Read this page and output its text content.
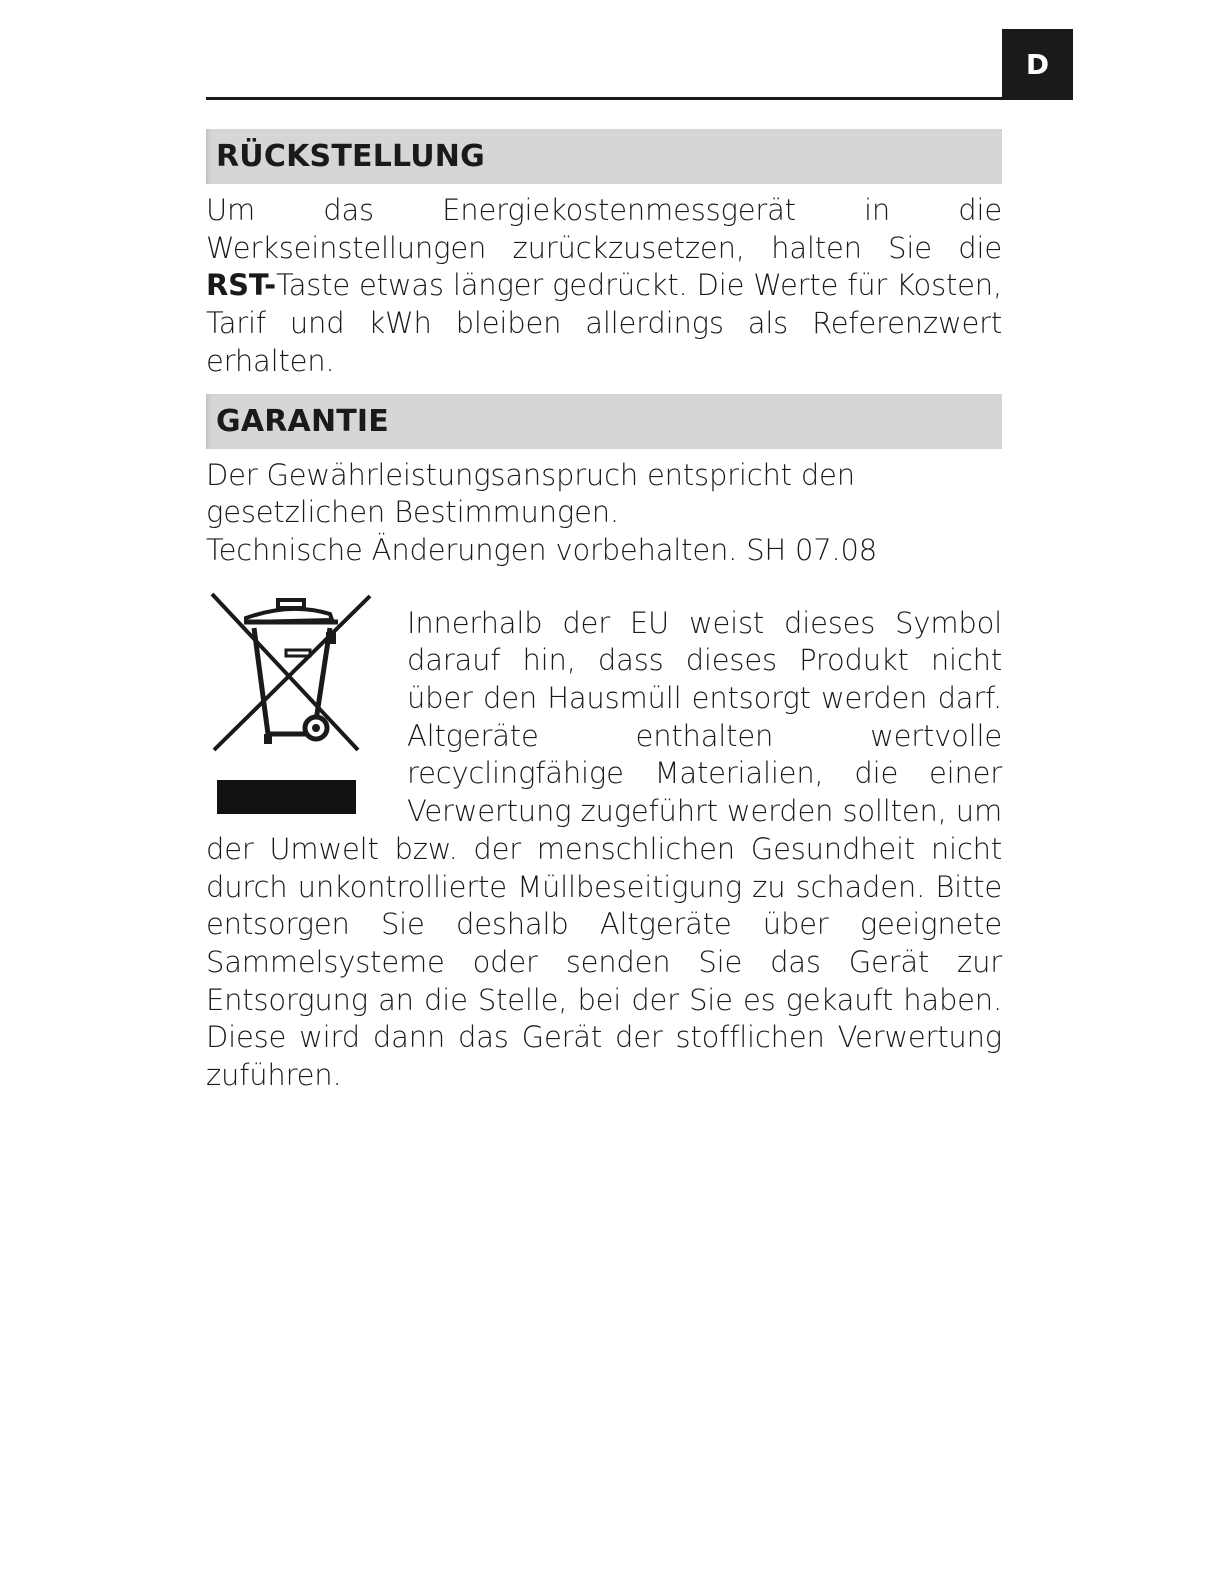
D
RÜCKSTELLUNG

Um das Energiekostenmessgerät in die Werkseinstellungen zurückzusetzen, halten Sie die RST-Taste etwas länger gedrückt. Die Werte für Kosten, Tarif und kWh bleiben allerdings als Referenzwert erhalten.

GARANTIE

Der Gewährleistungsanspruch entspricht den gesetzlichen Bestimmungen.

Technische Änderungen vorbehalten. SH 07.08

Innerhalb der EU weist dieses Symbol darauf hin, dass dieses Produkt nicht über den Hausmüll entsorgt werden darf. Altgeräte enthalten wertvolle recyclingfähige Materialien, die einer Verwertung zugeführt werden sollten, um der Umwelt bzw. der menschlichen Gesundheit nicht durch unkontrollierte Müllbeseitigung zu schaden. Bitte entsorgen Sie deshalb Altgeräte über geeignete Sammelsysteme oder senden Sie das Gerät zur Entsorgung an die Stelle, bei der Sie es gekauft haben. Diese wird dann das Gerät der stofflichen Verwertung zuführen.
